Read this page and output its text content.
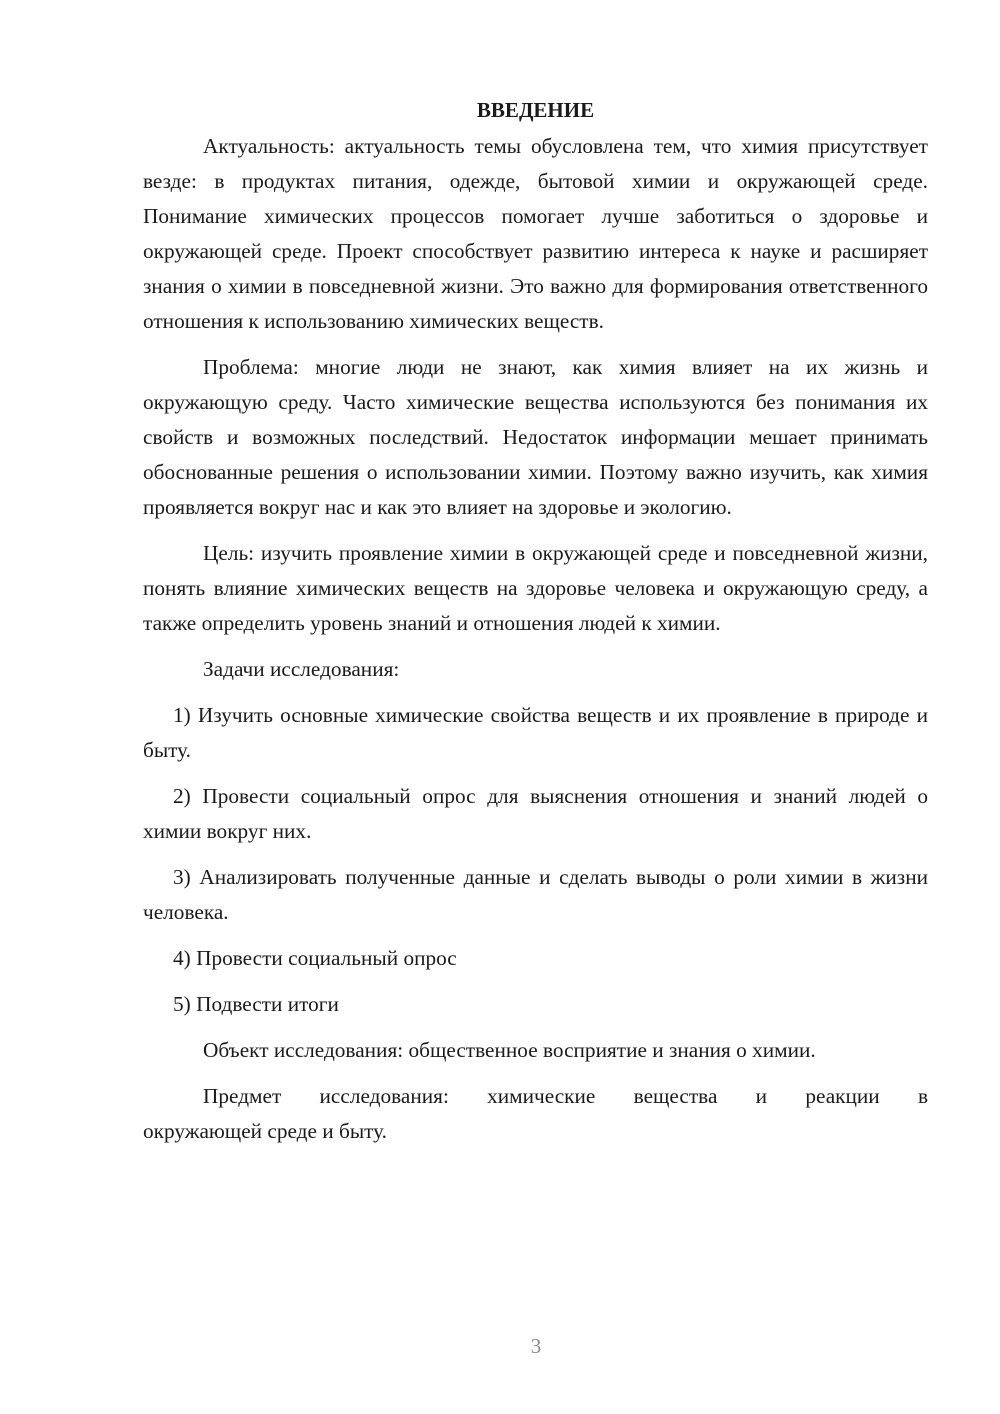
ВВЕДЕНИЕ

Актуальность: актуальность темы обусловлена тем, что химия присутствует везде: в продуктах питания, одежде, бытовой химии и окружающей среде. Понимание химических процессов помогает лучше заботиться о здоровье и окружающей среде. Проект способствует развитию интереса к науке и расширяет знания о химии в повседневной жизни. Это важно для формирования ответственного отношения к использованию химических веществ.

Проблема: многие люди не знают, как химия влияет на их жизнь и окружающую среду. Часто химические вещества используются без понимания их свойств и возможных последствий. Недостаток информации мешает принимать обоснованные решения о использовании химии. Поэтому важно изучить, как химия проявляется вокруг нас и как это влияет на здоровье и экологию.

Цель: изучить проявление химии в окружающей среде и повседневной жизни, понять влияние химических веществ на здоровье человека и окружающую среду, а также определить уровень знаний и отношения людей к химии.

Задачи исследования:

1) Изучить основные химические свойства веществ и их проявление в природе и быту.

2) Провести социальный опрос для выяснения отношения и знаний людей о химии вокруг них.

3) Анализировать полученные данные и сделать выводы о роли химии в жизни человека.

4) Провести социальный опрос

5) Подвести итоги

Объект исследования: общественное восприятие и знания о химии.

Предмет исследования: химические вещества и реакции в

окружающей среде и быту.

3
